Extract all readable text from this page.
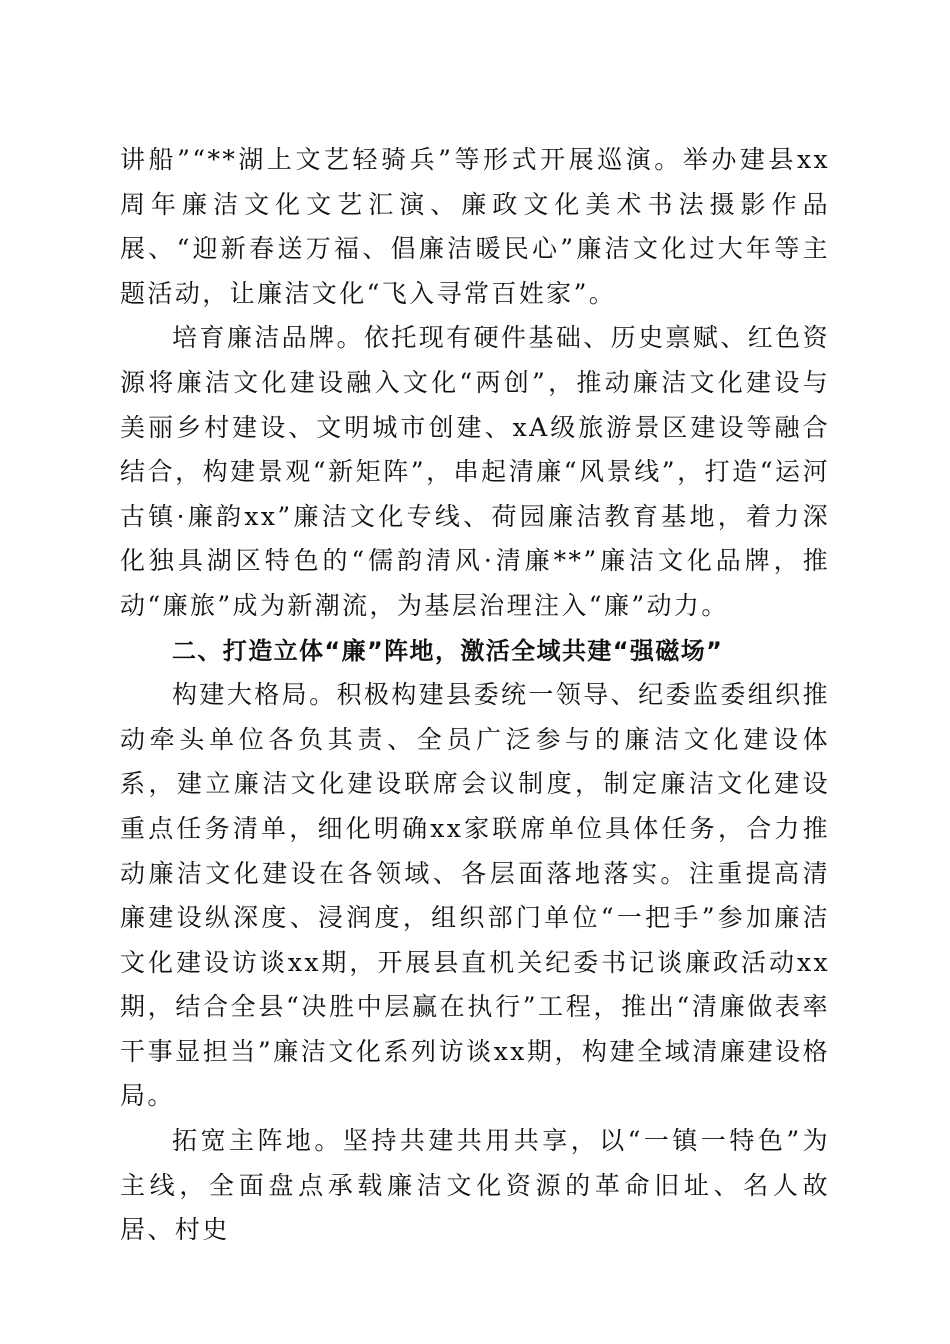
讲船”“**湖上文艺轻骑兵”等形式开展巡演。举办建县xx周年廉洁文化文艺汇演、廉政文化美术书法摄影作品展、“迎新春送万福、倡廉洁暖民心”廉洁文化过大年等主题活动，让廉洁文化“飞入寻常百姓家”。

培育廉洁品牌。依托现有硬件基础、历史禀赋、红色资源将廉洁文化建设融入文化“两创”，推动廉洁文化建设与美丽乡村建设、文明城市创建、xA级旅游景区建设等融合结合，构建景观“新矩阵”，串起清廉“风景线”，打造“运河古镇·廉韵xx”廉洁文化专线、荷园廉洁教育基地，着力深化独具湖区特色的“儒韵清风·清廉**”廉洁文化品牌，推动“廉旅”成为新潮流，为基层治理注入“廉”动力。

二、打造立体“廉”阵地，激活全域共建“强磁场”

构建大格局。积极构建县委统一领导、纪委监委组织推动牵头单位各负其责、全员广泛参与的廉洁文化建设体系，建立廉洁文化建设联席会议制度，制定廉洁文化建设重点任务清单，细化明确xx家联席单位具体任务，合力推动廉洁文化建设在各领域、各层面落地落实。注重提高清廉建设纵深度、浸润度，组织部门单位“一把手”参加廉洁文化建设访谈xx期，开展县直机关纪委书记谈廉政活动xx期，结合全县“决胜中层赢在执行”工程，推出“清廉做表率干事显担当”廉洁文化系列访谈xx期，构建全域清廉建设格局。

拓宽主阵地。坚持共建共用共享，以“一镇一特色”为主线，全面盘点承载廉洁文化资源的革命旧址、名人故居、村史
